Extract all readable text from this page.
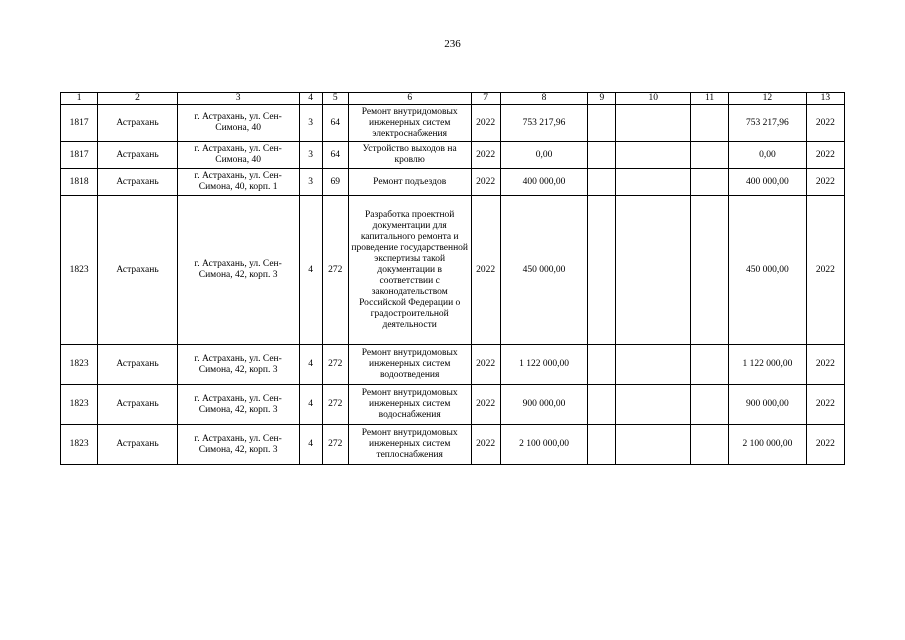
236
1	2	3	4	5	6	7	8	9	10	11	12	13
1817	Астрахань	г. Астрахань, ул. Сен-Симона, 40	3	64	Ремонт внутридомовых инженерных систем электроснабжения	2022	753 217,96				753 217,96	2022
1817	Астрахань	г. Астрахань, ул. Сен-Симона, 40	3	64	Устройство выходов на кровлю	2022	0,00				0,00	2022
1818	Астрахань	г. Астрахань, ул. Сен-Симона, 40, корп. 1	3	69	Ремонт подъездов	2022	400 000,00				400 000,00	2022
1823	Астрахань	г. Астрахань, ул. Сен-Симона, 42, корп. 3	4	272	Разработка проектной документации для капитального ремонта и проведение государственной экспертизы такой документации в соответствии с законодательством Российской Федерации о градостроительной деятельности	2022	450 000,00				450 000,00	2022
1823	Астрахань	г. Астрахань, ул. Сен-Симона, 42, корп. 3	4	272	Ремонт внутридомовых инженерных систем водоотведения	2022	1 122 000,00				1 122 000,00	2022
1823	Астрахань	г. Астрахань, ул. Сен-Симона, 42, корп. 3	4	272	Ремонт внутридомовых инженерных систем водоснабжения	2022	900 000,00				900 000,00	2022
1823	Астрахань	г. Астрахань, ул. Сен-Симона, 42, корп. 3	4	272	Ремонт внутридомовых инженерных систем теплоснабжения	2022	2 100 000,00				2 100 000,00	2022
